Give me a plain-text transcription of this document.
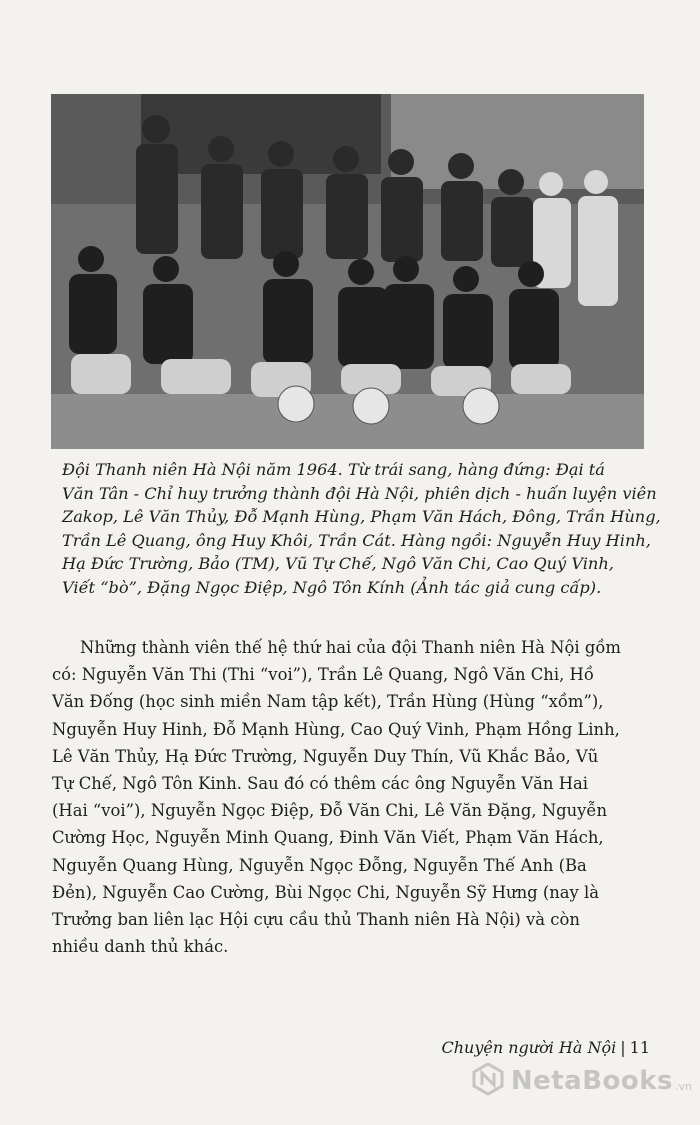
Đội Thanh niên Hà Nội năm 1964. Từ trái sang, hàng đứng: Đại tá
Văn Tân - Chỉ huy trưởng thành đội Hà Nội, phiên dịch - huấn luyện viên
Zakop, Lê Văn Thủy, Đỗ Mạnh Hùng, Phạm Văn Hách, Đông, Trần Hùng,
Trần Lê Quang, ông Huy Khôi, Trần Cát. Hàng ngồi: Nguyễn Huy Hinh,
Hạ Đức Trường, Bảo (TM), Vũ Tự Chế, Ngô Văn Chi, Cao Quý Vinh,
Viết “bò”, Đặng Ngọc Điệp, Ngô Tôn Kính (Ảnh tác giả cung cấp).

Những thành viên thế hệ thứ hai của đội Thanh niên Hà Nội gồm
có: Nguyễn Văn Thi (Thi “voi”), Trần Lê Quang, Ngô Văn Chi, Hồ
Văn Đống (học sinh miền Nam tập kết), Trần Hùng (Hùng “xồm”),
Nguyễn Huy Hinh, Đỗ Mạnh Hùng, Cao Quý Vinh, Phạm Hồng Linh,
Lê Văn Thủy, Hạ Đức Trường, Nguyễn Duy Thín, Vũ Khắc Bảo, Vũ
Tự Chế, Ngô Tôn Kinh. Sau đó có thêm các ông Nguyễn Văn Hai
(Hai “voi”), Nguyễn Ngọc Điệp, Đỗ Văn Chi, Lê Văn Đặng, Nguyễn
Cường Học, Nguyễn Minh Quang, Đinh Văn Viết, Phạm Văn Hách,
Nguyễn Quang Hùng, Nguyễn Ngọc Đỗng, Nguyễn Thế Anh (Ba
Đẻn), Nguyễn Cao Cường, Bùi Ngọc Chi, Nguyễn Sỹ Hưng (nay là
Trưởng ban liên lạc Hội cựu cầu thủ Thanh niên Hà Nội) và còn
nhiều danh thủ khác.

Chuyện người Hà Nội | 11
NetaBooks .vn
